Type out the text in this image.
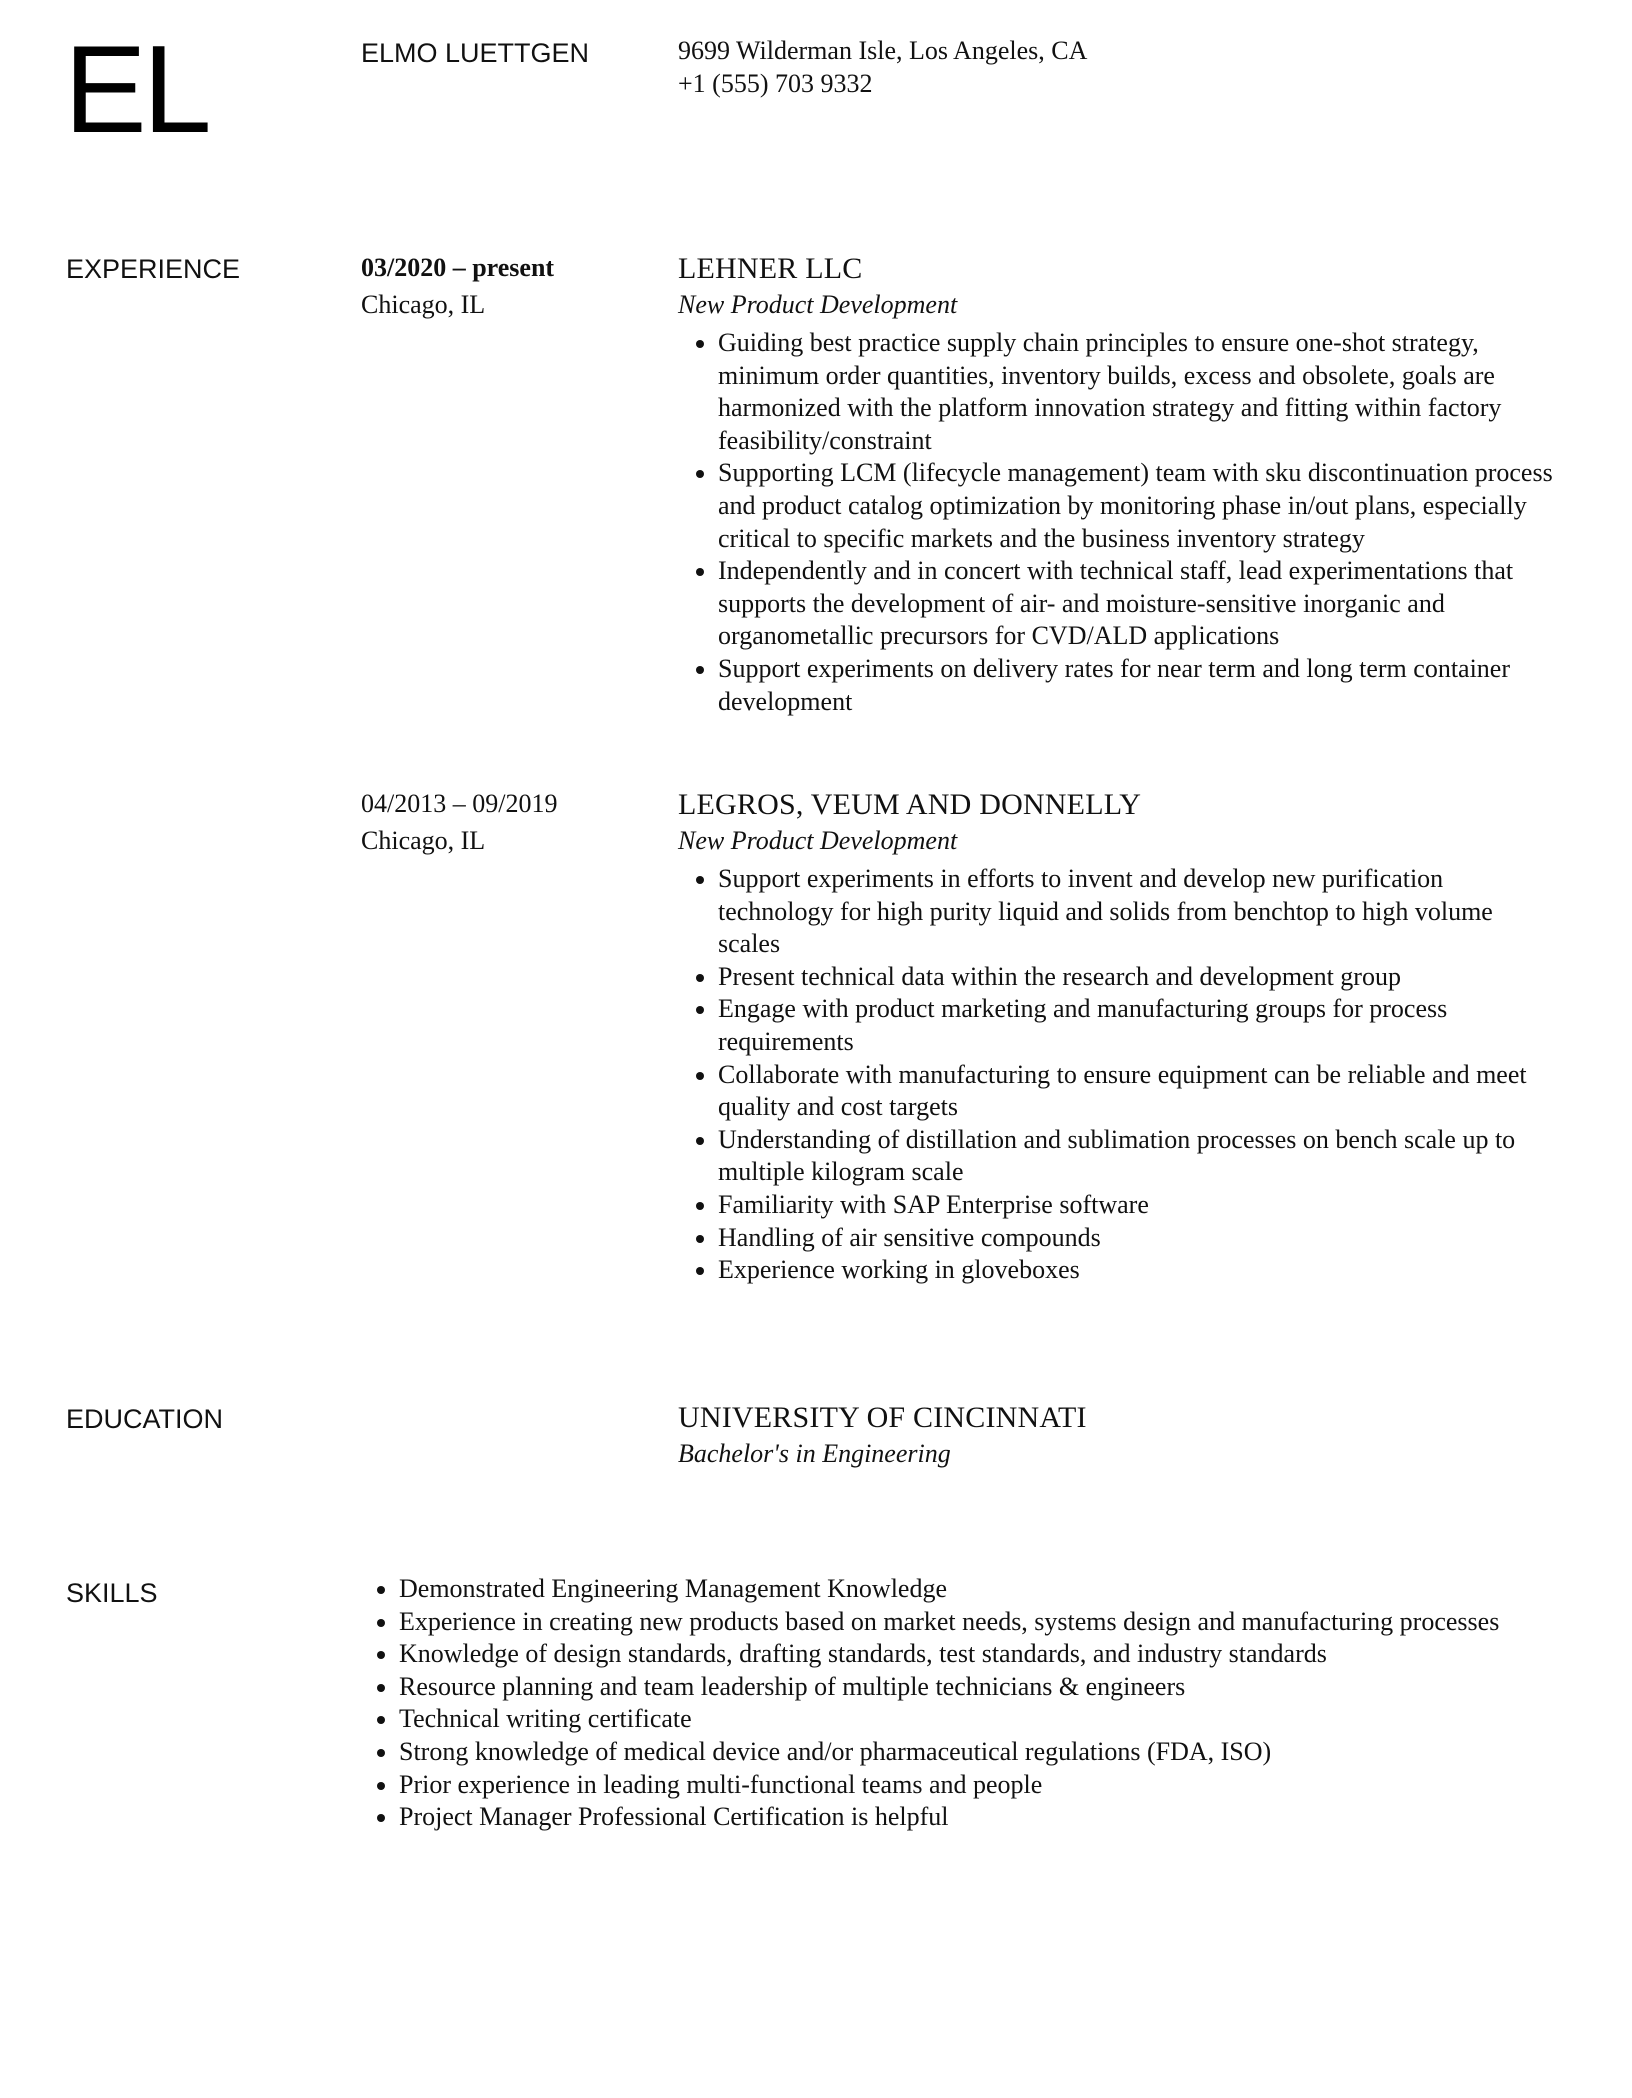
EL	ELMO LUETTGEN	9699 Wilderman Isle, Los Angeles, CA
+1 (555) 703 9332
EXPERIENCE	03/2020 – present
Chicago, IL
LEHNER LLC
New Product Development
• Guiding best practice supply chain principles to ensure one-shot strategy, minimum order quantities, inventory builds, excess and obsolete, goals are harmonized with the platform innovation strategy and fitting within factory feasibility/constraint
• Supporting LCM (lifecycle management) team with sku discontinuation process and product catalog optimization by monitoring phase in/out plans, especially critical to specific markets and the business inventory strategy
• Independently and in concert with technical staff, lead experimentations that supports the development of air- and moisture-sensitive inorganic and organometallic precursors for CVD/ALD applications
• Support experiments on delivery rates for near term and long term container development
04/2013 – 09/2019
Chicago, IL
LEGROS, VEUM AND DONNELLY
New Product Development
• Support experiments in efforts to invent and develop new purification technology for high purity liquid and solids from benchtop to high volume scales
• Present technical data within the research and development group
• Engage with product marketing and manufacturing groups for process requirements
• Collaborate with manufacturing to ensure equipment can be reliable and meet quality and cost targets
• Understanding of distillation and sublimation processes on bench scale up to multiple kilogram scale
• Familiarity with SAP Enterprise software
• Handling of air sensitive compounds
• Experience working in gloveboxes
EDUCATION	UNIVERSITY OF CINCINNATI
Bachelor's in Engineering
SKILLS
•	Demonstrated Engineering Management Knowledge
• Experience in creating new products based on market needs, systems design and manufacturing processes
• Knowledge of design standards, drafting standards, test standards, and industry standards
• Resource planning and team leadership of multiple technicians & engineers
• Technical writing certificate
• Strong knowledge of medical device and/or pharmaceutical regulations (FDA, ISO)
• Prior experience in leading multi-functional teams and people
• Project Manager Professional Certification is helpful
